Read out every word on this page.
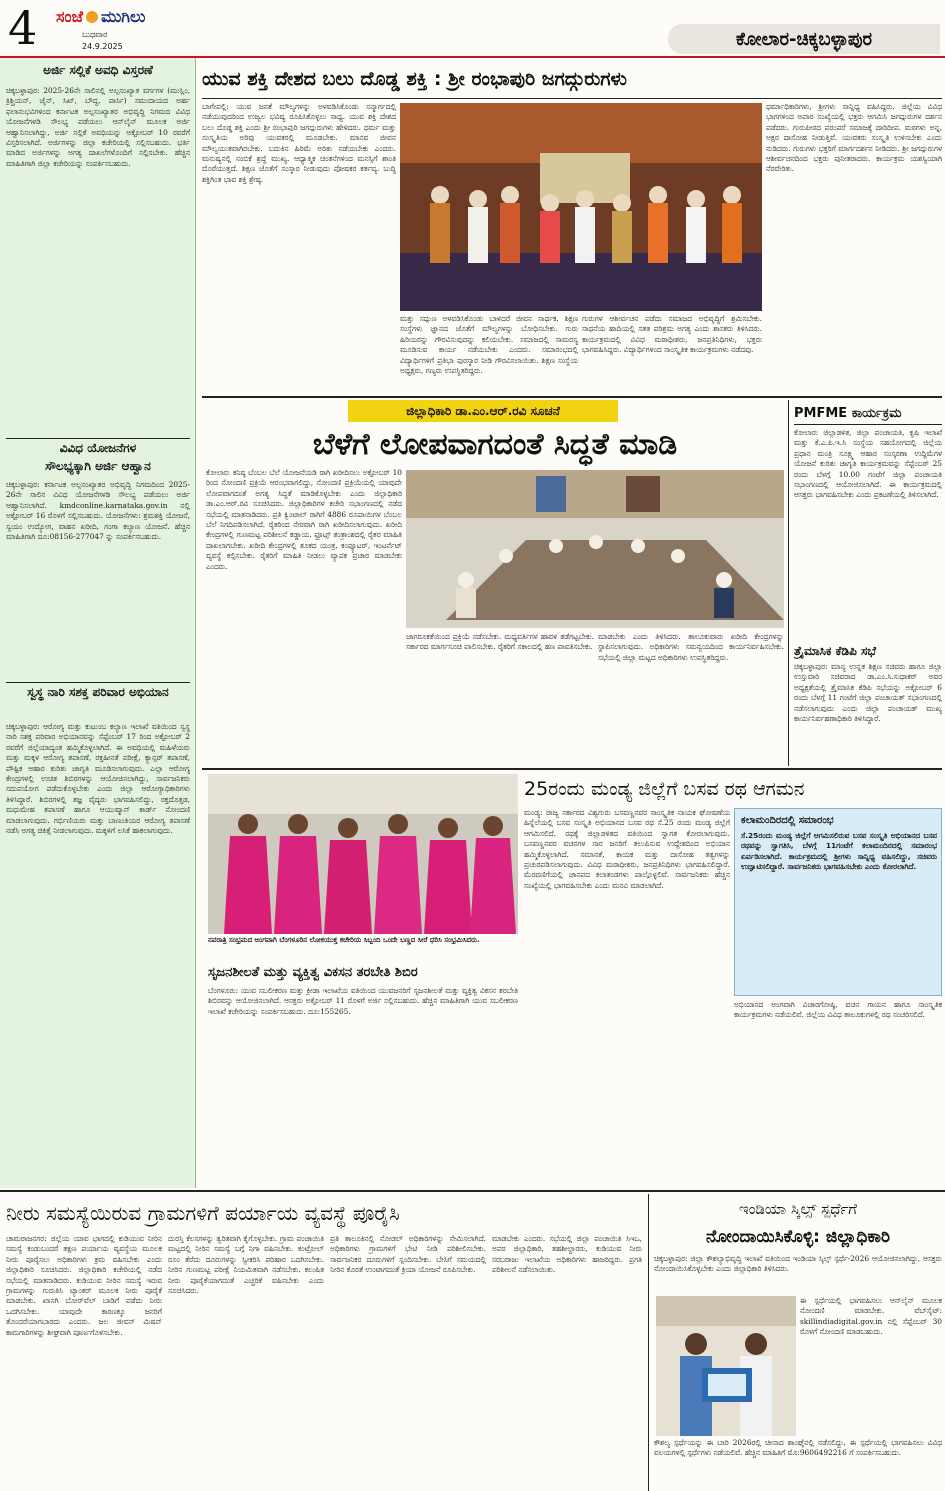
4	ಸಂಜೆ ಮುಗಿಲು
ಬುಧವಾರ
24.9.2025	ಕೋಲಾರ-ಚಿಕ್ಕಬಳ್ಳಾಪುರ
ಅರ್ಜಿ ಸಲ್ಲಿಕೆ ಅವಧಿ ವಿಸ್ತರಣೆ
ಚಿಕ್ಕಬಳ್ಳಾಪುರ: 2025-26ನೇ ಸಾಲಿನಲ್ಲಿ ಅಲ್ಪಸಂಖ್ಯಾತ ವರ್ಗಗಳ (ಮುಸ್ಲಿಂ, ಕ್ರಿಶ್ಚಿಯನ್, ಜೈನ್, ಸಿಖ್, ಬೌದ್ಧ, ಪಾರ್ಸಿ) ಸಮುದಾಯದ ಅರ್ಹ ಫಲಾನುಭವಿಗಳಿಂದ ಕರ್ನಾಟಕ ಅಲ್ಪಸಂಖ್ಯಾತರ ಅಭಿವೃದ್ಧಿ ನಿಗಮದ ವಿವಿಧ ಯೋಜನೆಗಳಡಿ ಸೌಲಭ್ಯ ಪಡೆಯಲು ಆನ್‌ಲೈನ್ ಮೂಲಕ ಅರ್ಜಿ ಆಹ್ವಾನಿಸಲಾಗಿದ್ದು, ಅರ್ಜಿ ಸಲ್ಲಿಕೆ ಅವಧಿಯನ್ನು ಅಕ್ಟೋಬರ್ 10 ರವರೆಗೆ ವಿಸ್ತರಿಸಲಾಗಿದೆ. ಅರ್ಜಿಗಳನ್ನು ಜಿಲ್ಲಾ ಕಚೇರಿಯಲ್ಲಿ ಸಲ್ಲಿಸಬಹುದು. ಭರ್ತಿ ಮಾಡಿದ ಅರ್ಜಿಗಳನ್ನು ಅಗತ್ಯ ದಾಖಲೆಗಳೊಂದಿಗೆ ಸಲ್ಲಿಸಬೇಕು. ಹೆಚ್ಚಿನ ಮಾಹಿತಿಗಾಗಿ ಜಿಲ್ಲಾ ಕಚೇರಿಯನ್ನು ಸಂಪರ್ಕಿಸಬಹುದು.
ವಿವಿಧ ಯೋಜನೆಗಳ
ಸೌಲಭ್ಯಕ್ಕಾಗಿ ಅರ್ಜಿ ಆಹ್ವಾನ
ಚಿಕ್ಕಬಳ್ಳಾಪುರ: ಕರ್ನಾಟಕ ಅಲ್ಪಸಂಖ್ಯಾತರ ಅಭಿವೃದ್ಧಿ ನಿಗಮದಿಂದ 2025-26ನೇ ಸಾಲಿನ ವಿವಿಧ ಯೋಜನೆಗಳಡಿ ಸೌಲಭ್ಯ ಪಡೆಯಲು ಅರ್ಜಿ ಆಹ್ವಾನಿಸಲಾಗಿದೆ. kmdconline.karnataka.gov.in ನಲ್ಲಿ ಅಕ್ಟೋಬರ್ 16 ರೊಳಗೆ ಸಲ್ಲಿಸಬಹುದು. ಯೋಜನೆಗಳು: ಶ್ರಮಶಕ್ತಿ ಯೋಜನೆ, ಸ್ವಯಂ ಉದ್ಯೋಗ, ವಾಹನ ಖರೀದಿ, ಗಂಗಾ ಕಲ್ಯಾಣ ಯೋಜನೆ. ಹೆಚ್ಚಿನ ಮಾಹಿತಿಗಾಗಿ ದೂ:08156-277047 ನ್ನು ಸಂಪರ್ಕಿಸಬಹುದು.
ಸ್ವಸ್ಥ ನಾರಿ ಸಶಕ್ತ ಪರಿವಾರ ಅಭಿಯಾನ
ಚಿಕ್ಕಬಳ್ಳಾಪುರ: ಆರೋಗ್ಯ ಮತ್ತು ಕುಟುಂಬ ಕಲ್ಯಾಣ ಇಲಾಖೆ ವತಿಯಿಂದ ಸ್ವಸ್ಥ ನಾರಿ ಸಶಕ್ತ ಪರಿವಾರ ಅಭಿಯಾನವನ್ನು ಸೆಪ್ಟೆಂಬರ್ 17 ರಿಂದ ಅಕ್ಟೋಬರ್ 2 ರವರೆಗೆ ಜಿಲ್ಲೆಯಾದ್ಯಂತ ಹಮ್ಮಿಕೊಳ್ಳಲಾಗಿದೆ. ಈ ಅವಧಿಯಲ್ಲಿ ಮಹಿಳೆಯರು ಮತ್ತು ಮಕ್ಕಳ ಆರೋಗ್ಯ ತಪಾಸಣೆ, ರಕ್ತಹೀನತೆ ಪರೀಕ್ಷೆ, ಕ್ಯಾನ್ಸರ್ ತಪಾಸಣೆ, ಪೌಷ್ಟಿಕ ಆಹಾರ ಕುರಿತು ಜಾಗೃತಿ ಮೂಡಿಸಲಾಗುವುದು. ಎಲ್ಲಾ ಆರೋಗ್ಯ ಕೇಂದ್ರಗಳಲ್ಲಿ ಉಚಿತ ಶಿಬಿರಗಳನ್ನು ಆಯೋಜಿಸಲಾಗಿದ್ದು, ಸಾರ್ವಜನಿಕರು ಸದುಪಯೋಗ ಪಡೆದುಕೊಳ್ಳಬೇಕು ಎಂದು ಜಿಲ್ಲಾ ಆರೋಗ್ಯಾಧಿಕಾರಿಗಳು ತಿಳಿಸಿದ್ದಾರೆ. ಶಿಬಿರಗಳಲ್ಲಿ ತಜ್ಞ ವೈದ್ಯರು ಭಾಗವಹಿಸಲಿದ್ದು, ರಕ್ತದೊತ್ತಡ, ಮಧುಮೇಹ ತಪಾಸಣೆ ಹಾಗೂ ಆಯುಷ್ಮಾನ್ ಕಾರ್ಡ್ ನೋಂದಣಿ ಮಾಡಲಾಗುವುದು. ಗರ್ಭಿಣಿಯರು ಮತ್ತು ಬಾಣಂತಿಯರ ಆರೋಗ್ಯ ತಪಾಸಣೆ ನಡೆಸಿ ಅಗತ್ಯ ಚಿಕಿತ್ಸೆ ನೀಡಲಾಗುವುದು. ಮಕ್ಕಳಿಗೆ ಲಸಿಕೆ ಹಾಕಲಾಗುವುದು.
ಯುವ ಶಕ್ತಿ ದೇಶದ ಬಲು ದೊಡ್ಡ ಶಕ್ತಿ : ಶ್ರೀ ರಂಭಾಪುರಿ ಜಗದ್ಗುರುಗಳು
ಬಾಗೇಪಲ್ಲಿ: ಯುವ ಜನತೆ ಮೌಲ್ಯಗಳನ್ನು ಅಳವಡಿಸಿಕೊಂಡು ಸನ್ಮಾರ್ಗದಲ್ಲಿ ನಡೆಯುವುದರಿಂದ ಉಜ್ವಲ ಭವಿಷ್ಯ ರೂಪಿಸಿಕೊಳ್ಳಲು ಸಾಧ್ಯ. ಯುವ ಶಕ್ತಿ ದೇಶದ ಬಲು ದೊಡ್ಡ ಶಕ್ತಿ ಎಂದು ಶ್ರೀ ರಂಭಾಪುರಿ ಜಗದ್ಗುರುಗಳು ಹೇಳಿದರು. ಧರ್ಮ ಮತ್ತು ಸಂಸ್ಕೃತಿಯ ಅರಿವು ಯುವಕರಲ್ಲಿ ಮೂಡಬೇಕು. ಮಾನವ ಜೀವನ ಮೌಲ್ಯಯುತವಾಗಿರಬೇಕು. ಬದುಕಿನ ಹಿರಿಮೆ ಅರಿತು ನಡೆಯಬೇಕು ಎಂದರು. ಮನುಷ್ಯನಲ್ಲಿ ನಂಬಿಕೆ ಶ್ರದ್ಧೆ ಮುಖ್ಯ. ಆಧ್ಯಾತ್ಮಿಕ ಚಿಂತನೆಗಳಿಂದ ಮನಸ್ಸಿಗೆ ಶಾಂತಿ ದೊರೆಯುತ್ತದೆ. ಶಿಕ್ಷಣ ಜೊತೆಗೆ ಸಂಸ್ಕಾರ ನೀಡುವುದು ಪೋಷಕರ ಕರ್ತವ್ಯ. ಬುದ್ಧಿ ಶಕ್ತಿಗಿಂತ ಭಾವ ಶಕ್ತಿ ಶ್ರೇಷ್ಠ.
ಮತ್ತು ಸದ್ಗುಣ ಅಳವಡಿಸಿಕೊಂಡು ಬಾಳಿದರೆ ಜೀವನ ಸಾರ್ಥಕ. ಶಿಕ್ಷಣ ಸಂಸ್ಥೆಗಳು ಜ್ಞಾನದ ಜೊತೆಗೆ ಮೌಲ್ಯಗಳನ್ನು ಬೋಧಿಸಬೇಕು. ಗುರು ಹಿರಿಯರನ್ನು ಗೌರವಿಸುವುದನ್ನು ಕಲಿಯಬೇಕು. ಸಮಾಜದಲ್ಲಿ ಸಾಮರಸ್ಯ ಮೂಡಿಸುವ ಕಾರ್ಯ ನಡೆಯಬೇಕು ಎಂದರು. ಸಮಾರಂಭದಲ್ಲಿ ವಿದ್ಯಾರ್ಥಿಗಳಿಗೆ ಪ್ರತಿಭಾ ಪುರಸ್ಕಾರ ನೀಡಿ ಗೌರವಿಸಲಾಯಿತು. ಶಿಕ್ಷಣ ಸಂಸ್ಥೆಯ ಅಧ್ಯಕ್ಷರು, ಗಣ್ಯರು ಉಪಸ್ಥಿತರಿದ್ದರು.
ಗುರುಗಳ ಆಶೀರ್ವಚನ ಪಡೆದು ಸಮಾಜದ ಅಭಿವೃದ್ಧಿಗೆ ಶ್ರಮಿಸಬೇಕು. ಸಾಧನೆಯ ಹಾದಿಯಲ್ಲಿ ಸತತ ಪರಿಶ್ರಮ ಅಗತ್ಯ ಎಂದು ಶಾಸಕರು ತಿಳಿಸಿದರು. ಕಾರ್ಯಕ್ರಮದಲ್ಲಿ ವಿವಿಧ ಮಠಾಧೀಶರು, ಜನಪ್ರತಿನಿಧಿಗಳು, ಭಕ್ತರು ಭಾಗವಹಿಸಿದ್ದರು. ವಿದ್ಯಾರ್ಥಿಗಳಿಂದ ಸಾಂಸ್ಕೃತಿಕ ಕಾರ್ಯಕ್ರಮಗಳು ನಡೆದವು.
ಧರ್ಮಾಧಿಕಾರಿಗಳು, ಶ್ರೀಗಳು ಸಾನ್ನಿಧ್ಯ ವಹಿಸಿದ್ದರು. ಜಿಲ್ಲೆಯ ವಿವಿಧ ಭಾಗಗಳಿಂದ ಅಪಾರ ಸಂಖ್ಯೆಯಲ್ಲಿ ಭಕ್ತರು ಆಗಮಿಸಿ ಜಗದ್ಗುರುಗಳ ದರ್ಶನ ಪಡೆದರು. ಗುರುಪೀಠದ ಪರಂಪರೆ ಸಮಾಜಕ್ಕೆ ದಾರಿದೀಪ. ಮಠಗಳು ಅನ್ನ, ಅಕ್ಷರ ದಾಸೋಹ ನೀಡುತ್ತಿವೆ. ಯುವಕರು ಸಂಸ್ಕೃತಿ ಉಳಿಸಬೇಕು ಎಂದು ನುಡಿದರು. ಗುರುಗಳು ಭಕ್ತರಿಗೆ ಮಾರ್ಗದರ್ಶನ ನೀಡಿದರು. ಶ್ರೀ ಜಗದ್ಗುರುಗಳ ಆಶೀರ್ವಚನದಿಂದ ಭಕ್ತರು ಪುನೀತರಾದರು. ಕಾರ್ಯಕ್ರಮ ಯಶಸ್ವಿಯಾಗಿ ನೆರವೇರಿತು.
ಜಿಲ್ಲಾಧಿಕಾರಿ ಡಾ.ಎಂ.ಆರ್.ರವಿ ಸೂಚನೆ
ಬೆಳೆಗೆ ಲೋಪವಾಗದಂತೆ ಸಿದ್ಧತೆ ಮಾಡಿ
ಕೋಲಾರ: ಕನಿಷ್ಠ ಬೆಂಬಲ ಬೆಲೆ ಯೋಜನೆಯಡಿ ರಾಗಿ ಖರೀದಿಸಲು ಅಕ್ಟೋಬರ್ 10 ರಿಂದ ನೋಂದಣಿ ಪ್ರಕ್ರಿಯೆ ಆರಂಭವಾಗಲಿದ್ದು, ನೋಂದಣಿ ಪ್ರಕ್ರಿಯೆಯಲ್ಲಿ ಯಾವುದೇ ಲೋಪವಾಗದಂತೆ ಅಗತ್ಯ ಸಿದ್ಧತೆ ಮಾಡಿಕೊಳ್ಳಬೇಕು ಎಂದು ಜಿಲ್ಲಾಧಿಕಾರಿ ಡಾ.ಎಂ.ಆರ್.ರವಿ ಸೂಚಿಸಿದರು. ಜಿಲ್ಲಾಧಿಕಾರಿಗಳ ಕಚೇರಿ ಸಭಾಂಗಣದಲ್ಲಿ ನಡೆದ ಸಭೆಯಲ್ಲಿ ಮಾತನಾಡಿದರು. ಪ್ರತಿ ಕ್ವಿಂಟಾಲ್ ರಾಗಿಗೆ 4886 ರೂಪಾಯಿಗಳ ಬೆಂಬಲ ಬೆಲೆ ನಿಗದಿಪಡಿಸಲಾಗಿದೆ. ರೈತರಿಂದ ನೇರವಾಗಿ ರಾಗಿ ಖರೀದಿಸಲಾಗುವುದು. ಖರೀದಿ ಕೇಂದ್ರಗಳಲ್ಲಿ ಗುಣಮಟ್ಟ ಪರಿಶೀಲನೆ ಕಡ್ಡಾಯ. ಫ್ರೂಟ್ಸ್ ತಂತ್ರಾಂಶದಲ್ಲಿ ರೈತರ ಮಾಹಿತಿ ದಾಖಲಾಗಬೇಕು. ಖರೀದಿ ಕೇಂದ್ರಗಳಲ್ಲಿ ತೂಕದ ಯಂತ್ರ, ಕಂಪ್ಯೂಟರ್, ಇಂಟರ್ನೆಟ್ ವ್ಯವಸ್ಥೆ ಕಲ್ಪಿಸಬೇಕು. ರೈತರಿಗೆ ಮಾಹಿತಿ ನೀಡಲು ವ್ಯಾಪಕ ಪ್ರಚಾರ ಮಾಡಬೇಕು ಎಂದರು.
ಜಾಗರೂಕತೆಯಿಂದ ಪ್ರಕ್ರಿಯೆ ನಡೆಸಬೇಕು. ಮಧ್ಯವರ್ತಿಗಳ ಹಾವಳಿ ತಡೆಗಟ್ಟಬೇಕು. ಸರ್ಕಾರದ ಮಾರ್ಗಸೂಚಿ ಪಾಲಿಸಬೇಕು. ರೈತರಿಗೆ ಸಕಾಲದಲ್ಲಿ ಹಣ ಪಾವತಿಸಬೇಕು.
ಮಾಡಬೇಕು ಎಂದು ತಿಳಿಸಿದರು. ತಾಲೂಕುವಾರು ಖರೀದಿ ಕೇಂದ್ರಗಳನ್ನು ಸ್ಥಾಪಿಸಲಾಗುವುದು. ಅಧಿಕಾರಿಗಳು ಸಮನ್ವಯದಿಂದ ಕಾರ್ಯನಿರ್ವಹಿಸಬೇಕು. ಸಭೆಯಲ್ಲಿ ಜಿಲ್ಲಾ ಮಟ್ಟದ ಅಧಿಕಾರಿಗಳು ಉಪಸ್ಥಿತರಿದ್ದರು.
PMFME ಕಾರ್ಯಕ್ರಮ
ಕೋಲಾರ: ಜಿಲ್ಲಾಡಳಿತ, ಜಿಲ್ಲಾ ಪಂಚಾಯತಿ, ಕೃಷಿ ಇಲಾಖೆ ಮತ್ತು ಕೆ.ಎ.ಪಿ.ಇ.ಸಿ ಸಂಸ್ಥೆಯ ಸಹಯೋಗದಲ್ಲಿ ಜಿಲ್ಲೆಯ ಪ್ರಧಾನ ಮಂತ್ರಿ ಸೂಕ್ಷ್ಮ ಆಹಾರ ಸಂಸ್ಕರಣಾ ಉದ್ದಿಮೆಗಳ ಯೋಜನೆ ಕುರಿತು ಜಾಗೃತಿ ಕಾರ್ಯಕ್ರಮವನ್ನು ಸೆಪ್ಟೆಂಬರ್ 25 ರಂದು ಬೆಳಗ್ಗೆ 10.00 ಗಂಟೆಗೆ ಜಿಲ್ಲಾ ಪಂಚಾಯತಿ ಸಭಾಂಗಣದಲ್ಲಿ ಆಯೋಜಿಸಲಾಗಿದೆ. ಈ ಕಾರ್ಯಕ್ರಮದಲ್ಲಿ ಆಸಕ್ತರು ಭಾಗವಹಿಸಬೇಕು ಎಂದು ಪ್ರಕಟಣೆಯಲ್ಲಿ ತಿಳಿಸಲಾಗಿದೆ.
ತ್ರೈಮಾಸಿಕ ಕೆಡಿಪಿ ಸಭೆ
ಚಿಕ್ಕಬಳ್ಳಾಪುರ: ಮಾನ್ಯ ಉನ್ನತ ಶಿಕ್ಷಣ ಸಚಿವರು ಹಾಗೂ ಜಿಲ್ಲಾ ಉಸ್ತುವಾರಿ ಸಚಿವರಾದ ಡಾ.ಎಂ.ಸಿ.ಸುಧಾಕರ್ ಅವರ ಅಧ್ಯಕ್ಷತೆಯಲ್ಲಿ ತ್ರೈಮಾಸಿಕ ಕೆಡಿಪಿ ಸಭೆಯನ್ನು ಅಕ್ಟೋಬರ್ 6 ರಂದು ಬೆಳಗ್ಗೆ 11 ಗಂಟೆಗೆ ಜಿಲ್ಲಾ ಪಂಚಾಯತ್ ಸಭಾಂಗಣದಲ್ಲಿ ನಡೆಸಲಾಗುವುದು ಎಂದು ಜಿಲ್ಲಾ ಪಂಚಾಯತ್ ಮುಖ್ಯ ಕಾರ್ಯನಿರ್ವಹಣಾಧಿಕಾರಿ ತಿಳಿಸಿದ್ದಾರೆ.
ನವರಾತ್ರಿ ಸಂಭ್ರಮದ ಅಂಗವಾಗಿ ಬೆಂಗಳೂರಿನ ಲೋಕಯುಕ್ತ ಕಚೇರಿಯ ಸಿಬ್ಬಂದಿ ಒಂದೇ ಬಣ್ಣದ ಸೀರೆ ಧರಿಸಿ ಸಂಭ್ರಮಿಸಿದರು.
ಸೃಜನಶೀಲತೆ ಮತ್ತು ವ್ಯಕ್ತಿತ್ವ ವಿಕಸನ ತರಬೇತಿ ಶಿಬಿರ
ಬೆಂಗಳೂರು: ಯುವ ಸಬಲೀಕರಣ ಮತ್ತು ಕ್ರೀಡಾ ಇಲಾಖೆಯ ವತಿಯಿಂದ ಯುವಜನರಿಗೆ ಸೃಜನಶೀಲತೆ ಮತ್ತು ವ್ಯಕ್ತಿತ್ವ ವಿಕಸನ ತರಬೇತಿ ಶಿಬಿರವನ್ನು ಆಯೋಜಿಸಲಾಗಿದೆ. ಆಸಕ್ತರು ಅಕ್ಟೋಬರ್ 11 ರೊಳಗೆ ಅರ್ಜಿ ಸಲ್ಲಿಸಬಹುದು. ಹೆಚ್ಚಿನ ಮಾಹಿತಿಗಾಗಿ ಯುವ ಸಬಲೀಕರಣ ಇಲಾಖೆ ಕಚೇರಿಯನ್ನು ಸಂಪರ್ಕಿಸಬಹುದು. ದೂ:155265.
25ರಂದು ಮಂಡ್ಯ ಜಿಲ್ಲೆಗೆ ಬಸವ ರಥ ಆಗಮನ
ಮಂಡ್ಯ: ರಾಜ್ಯ ಸರ್ಕಾರದ ವಿಶ್ವಗುರು ಬಸವಣ್ಣನವರ ಸಾಂಸ್ಕೃತಿಕ ನಾಯಕ ಘೋಷಣೆಯ ಹಿನ್ನೆಲೆಯಲ್ಲಿ ಬಸವ ಸಂಸ್ಕೃತಿ ಅಭಿಯಾನದ ಬಸವ ರಥ ಸೆ.25 ರಂದು ಮಂಡ್ಯ ಜಿಲ್ಲೆಗೆ ಆಗಮಿಸಲಿದೆ. ರಥಕ್ಕೆ ಜಿಲ್ಲಾಡಳಿತದ ವತಿಯಿಂದ ಸ್ವಾಗತ ಕೋರಲಾಗುವುದು. ಬಸವಣ್ಣನವರ ವಚನಗಳ ಸಾರ ಜನರಿಗೆ ತಲುಪಿಸುವ ಉದ್ದೇಶದಿಂದ ಅಭಿಯಾನ ಹಮ್ಮಿಕೊಳ್ಳಲಾಗಿದೆ. ಸಮಾನತೆ, ಕಾಯಕ ಮತ್ತು ದಾಸೋಹ ತತ್ವಗಳನ್ನು ಪ್ರಚುರಪಡಿಸಲಾಗುವುದು. ವಿವಿಧ ಮಠಾಧೀಶರು, ಜನಪ್ರತಿನಿಧಿಗಳು ಭಾಗವಹಿಸಲಿದ್ದಾರೆ. ಮೆರವಣಿಗೆಯಲ್ಲಿ ಜಾನಪದ ಕಲಾತಂಡಗಳು ಪಾಲ್ಗೊಳ್ಳಲಿವೆ. ಸಾರ್ವಜನಿಕರು ಹೆಚ್ಚಿನ ಸಂಖ್ಯೆಯಲ್ಲಿ ಭಾಗವಹಿಸಬೇಕು ಎಂದು ಮನವಿ ಮಾಡಲಾಗಿದೆ.
ಕಲಾಮಂದಿರದಲ್ಲಿ ಸಮಾರಂಭ
ಸೆ.25ರಂದು ಮಂಡ್ಯ ಜಿಲ್ಲೆಗೆ ಆಗಮಿಸಲಿರುವ ಬಸವ ಸಂಸ್ಕೃತಿ ಅಭಿಯಾನದ ಬಸವ ರಥವನ್ನು ಸ್ವಾಗತಿಸಿ, ಬೆಳಗ್ಗೆ 11ಗಂಟೆಗೆ ಕಲಾಮಂದಿರದಲ್ಲಿ ಸಮಾರಂಭ ಏರ್ಪಡಿಸಲಾಗಿದೆ. ಕಾರ್ಯಕ್ರಮದಲ್ಲಿ ಶ್ರೀಗಳು ಸಾನ್ನಿಧ್ಯ ವಹಿಸಲಿದ್ದು, ಸಚಿವರು ಉದ್ಘಾಟಿಸಲಿದ್ದಾರೆ. ಸಾರ್ವಜನಿಕರು ಭಾಗವಹಿಸಬೇಕು ಎಂದು ಕೋರಲಾಗಿದೆ.
ಅಭಿಯಾನದ ಅಂಗವಾಗಿ ವಿಚಾರಗೋಷ್ಠಿ, ವಚನ ಗಾಯನ ಹಾಗೂ ಸಾಂಸ್ಕೃತಿಕ ಕಾರ್ಯಕ್ರಮಗಳು ನಡೆಯಲಿವೆ. ಜಿಲ್ಲೆಯ ವಿವಿಧ ತಾಲೂಕುಗಳಲ್ಲಿ ರಥ ಸಂಚರಿಸಲಿದೆ.
ನೀರು ಸಮಸ್ಯೆಯಿರುವ ಗ್ರಾಮಗಳಿಗೆ ಪರ್ಯಾಯ ವ್ಯವಸ್ಥೆ ಪೂರೈಸಿ
ಚಾಮರಾಜನಗರ: ಜಿಲ್ಲೆಯ ಯಾವ ಭಾಗದಲ್ಲಿ ಕುಡಿಯುವ ನೀರಿನ ಸಮಸ್ಯೆ ಕಂಡುಬಂದರೆ ತಕ್ಷಣ ಪರ್ಯಾಯ ವ್ಯವಸ್ಥೆಯ ಮೂಲಕ ನೀರು ಪೂರೈಸಲು ಅಧಿಕಾರಿಗಳು ಕ್ರಮ ವಹಿಸಬೇಕು ಎಂದು ಜಿಲ್ಲಾಧಿಕಾರಿ ಸೂಚಿಸಿದರು. ಜಿಲ್ಲಾಧಿಕಾರಿ ಕಚೇರಿಯಲ್ಲಿ ನಡೆದ ಸಭೆಯಲ್ಲಿ ಮಾತನಾಡಿದರು. ಕುಡಿಯುವ ನೀರಿನ ಸಮಸ್ಯೆ ಇರುವ ಗ್ರಾಮಗಳನ್ನು ಗುರುತಿಸಿ ಟ್ಯಾಂಕರ್ ಮೂಲಕ ನೀರು ಪೂರೈಕೆ ಮಾಡಬೇಕು. ಖಾಸಗಿ ಬೋರ್‌ವೆಲ್ ಬಾಡಿಗೆ ಪಡೆದು ನೀರು ಒದಗಿಸಬೇಕು. ಯಾವುದೇ ಕಾರಣಕ್ಕೂ ಜನರಿಗೆ ತೊಂದರೆಯಾಗಬಾರದು ಎಂದರು. ಜಲ ಜೀವನ್ ಮಿಷನ್ ಕಾಮಗಾರಿಗಳನ್ನು ಶೀಘ್ರವಾಗಿ ಪೂರ್ಣಗೊಳಿಸಬೇಕು.
ದುರಸ್ತಿ ಕೆಲಸಗಳನ್ನು ತ್ವರಿತವಾಗಿ ಕೈಗೊಳ್ಳಬೇಕು. ಗ್ರಾಮ ಪಂಚಾಯಿತಿ ಮಟ್ಟದಲ್ಲಿ ನೀರಿನ ಸಮಸ್ಯೆ ಬಗ್ಗೆ ನಿಗಾ ವಹಿಸಬೇಕು. ಕಂಟ್ರೋಲ್ ರೂಂ ತೆರೆದು ದೂರುಗಳನ್ನು ಸ್ವೀಕರಿಸಿ ಪರಿಹಾರ ಒದಗಿಸಬೇಕು. ನೀರಿನ ಗುಣಮಟ್ಟ ಪರೀಕ್ಷೆ ನಿಯಮಿತವಾಗಿ ನಡೆಸಬೇಕು. ಕಲುಷಿತ ನೀರು ಪೂರೈಕೆಯಾಗದಂತೆ ಎಚ್ಚರಿಕೆ ವಹಿಸಬೇಕು ಎಂದು ಸೂಚಿಸಿದರು.
ಪ್ರತಿ ತಾಲೂಕಿನಲ್ಲಿ ನೋಡಲ್ ಅಧಿಕಾರಿಗಳನ್ನು ನೇಮಿಸಲಾಗಿದೆ. ಅಧಿಕಾರಿಗಳು ಗ್ರಾಮಗಳಿಗೆ ಭೇಟಿ ನೀಡಿ ಪರಿಶೀಲಿಸಬೇಕು. ಸಾರ್ವಜನಿಕರ ದೂರುಗಳಿಗೆ ಸ್ಪಂದಿಸಬೇಕು. ಬೇಸಿಗೆ ಸಮಯದಲ್ಲಿ ನೀರಿನ ಕೊರತೆ ಉಂಟಾಗದಂತೆ ಕ್ರಿಯಾ ಯೋಜನೆ ರೂಪಿಸಬೇಕು.
ಮಾಡಬೇಕು ಎಂದರು. ಸಭೆಯಲ್ಲಿ ಜಿಲ್ಲಾ ಪಂಚಾಯಿತಿ ಸಿಇಒ, ಅಪರ ಜಿಲ್ಲಾಧಿಕಾರಿ, ತಹಶೀಲ್ದಾರರು, ಕುಡಿಯುವ ನೀರು ಸರಬರಾಜು ಇಲಾಖೆಯ ಅಧಿಕಾರಿಗಳು ಹಾಜರಿದ್ದರು. ಪ್ರಗತಿ ಪರಿಶೀಲನೆ ನಡೆಸಲಾಯಿತು.
ಇಂಡಿಯಾ ಸ್ಕಿಲ್ಸ್ ಸ್ಪರ್ಧೆಗೆ
ನೋಂದಾಯಿಸಿಕೊಳ್ಳಿ: ಜಿಲ್ಲಾಧಿಕಾರಿ
ಚಿಕ್ಕಬಳ್ಳಾಪುರ: ಜಿಲ್ಲಾ ಕೌಶಲ್ಯಾಭಿವೃದ್ಧಿ ಇಲಾಖೆ ವತಿಯಿಂದ ಇಂಡಿಯಾ ಸ್ಕಿಲ್ಸ್ ಸ್ಪರ್ಧೆ-2026 ಆಯೋಜಿಸಲಾಗಿದ್ದು, ಆಸಕ್ತರು ನೋಂದಾಯಿಸಿಕೊಳ್ಳಬೇಕು ಎಂದು ಜಿಲ್ಲಾಧಿಕಾರಿ ತಿಳಿಸಿದರು.
ಈ ಸ್ಪರ್ಧೆಯಲ್ಲಿ ಭಾಗವಹಿಸಲು ಆನ್‌ಲೈನ್ ಮೂಲಕ ನೋಂದಣಿ ಮಾಡಬೇಕು. ವೆಬ್‌ಸೈಟ್: skillindiadigital.gov.in ನಲ್ಲಿ ಸೆಪ್ಟೆಂಬರ್ 30 ರೊಳಗೆ ನೋಂದಣಿ ಮಾಡಬಹುದು.
ಕೌಶಲ್ಯ ಸ್ಪರ್ಧೆಯನ್ನು ಈ ಬಾರಿ 2026ರಲ್ಲಿ ಚೀನಾದ ಶಾಂಘೈನಲ್ಲಿ ನಡೆಸಲಿದ್ದು, ಈ ಸ್ಪರ್ಧೆಯಲ್ಲಿ ಭಾಗವಹಿಸಲು ವಿವಿಧ ವಲಯಗಳಲ್ಲಿ ಸ್ಪರ್ಧೆಗಳು ನಡೆಯಲಿವೆ. ಹೆಚ್ಚಿನ ಮಾಹಿತಿಗೆ ಮೊ:9606492216 ಗೆ ಸಂಪರ್ಕಿಸಬಹುದು.
